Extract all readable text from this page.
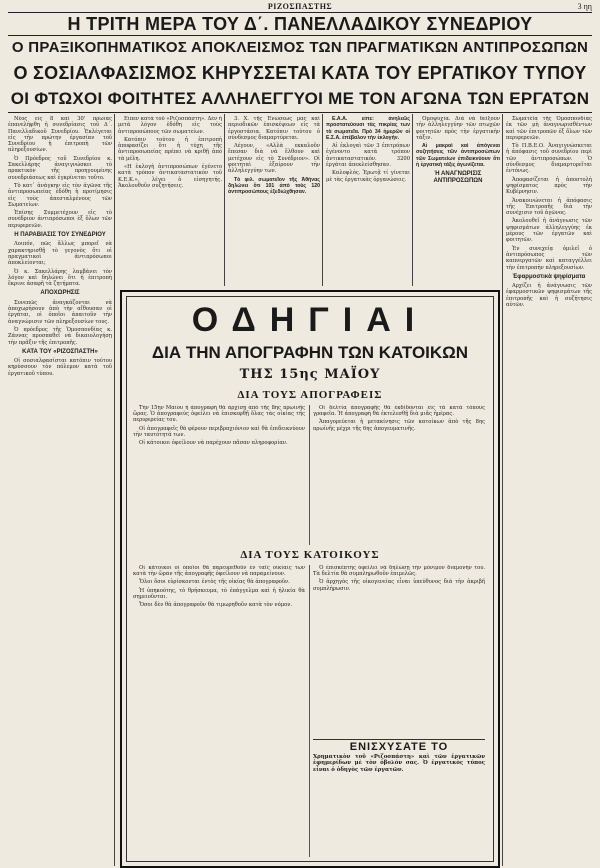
ΡΙΖΟΣΠΑΣΤΗΣ	3 ηη
Η ΤΡΙΤΗ ΜΕΡΑ ΤΟΥ Δ΄. ΠΑΝΕΛΛΑΔΙΚΟΥ ΣΥΝΕΔΡΙΟΥ
Ο ΠΡΑΞΙΚΟΠΗΜΑΤΙΚΟΣ ΑΠΟΚΛΕΙΣΜΟΣ ΤΩΝ ΠΡΑΓΜΑΤΙΚΩΝ ΑΝΤΙΠΡΟΣΩΠΩΝ
Ο ΣΟΣΙΑΛΦΑΣΙΣΜΟΣ ΚΗΡΥΣΣΕΤΑΙ ΚΑΤΑ ΤΟΥ ΕΡΓΑΤΙΚΟΥ ΤΥΠΟΥ
ΟΙ ΦΤΩΧΟΙ ΦΟΙΤΗΤΕΣ ΑΛΛΗΛΕΓΓΥΟΙ ΜΕ ΤΟΝ ΑΓΩΝΑ ΤΩΝ ΕΡΓΑΤΩΝ

Νέος εἰς 8 καὶ 30' πρωῒας ἐπανελήφθη ἡ συνεδρίασις τοῦ Δ΄. Πανελλαδικοῦ Συνεδρίου. Ἐκλέγεται εἰς τὴν πρώτην ἐργασίαν τοῦ Συνεδρίου ἡ ἐπιτροπὴ τῶν πληρεξουσίων.

Ὁ Πρόεδρος τοῦ Συνεδρίου κ. Σακελλάρης ἀναγιγνώσκει τὸ πρακτικὸν τῆς προηγουμένης συνεδριάσεως καὶ ἐγκρίνεται τοῦτο.

Τὸ κατ᾽ ἀνάγκην εἰς τὸν ἀγῶνα τῆς ἀντιπροσωπείας ἐδόθη ἡ προτίμησις εἰς τοὺς ἀπεσταλμένους τῶν Σωματείων.

Ἐπίσης Συμμετέχουν εἰς τὸ συνέδριον ἀντιπρόσωποι ἐξ ὅλων τῶν περιφερειῶν.

Η ΠΑΡΑΒΙΑΣΙΣ ΤΟΥ ΣΥΝΕΔΡΙΟΥ

Λοιπόν, πῶς ἄλλως μπορεῖ νὰ χαρακτηρισθῇ τὸ γεγονὸς ὅτι οἱ πραγματικοὶ ἀντιπρόσωποι ἀποκλείονται;

Ὁ κ. Σακελλάρης λαμβάνει τὸν λόγον καὶ δηλώνει ὅτι ἡ ἐπιτροπὴ ἔκρινε ἀσαφῆ τὰ ζητήματα.

ΑΠΟΧΩΡΗΣΙΣ

Συνεπῶς ἀναγκάζονται νὰ ἀποχωρήσουν ἀπὸ τὴν αἴθουσαν οἱ ἐργάται, οἱ ὁποῖοι ἀπαιτοῦν τὴν ἀναγνώρισιν τῶν πληρεξουσίων τους.

Ὁ πρόεδρος τῆς Ὁμοσπονδίας κ. Ζάννας προσπαθεῖ νὰ δικαιολογήσῃ τὴν πρᾶξιν τῆς ἐπιτροπῆς.

ΚΑΤΑ ΤΟΥ «ΡΙΖΟΣΠΑΣΤΗ»

Οἱ σοσιαλφασίσται κατόπιν τούτου κηρύσσουν τὸν πόλεμον κατὰ τοῦ ἐργατικοῦ τύπου.

Εἶπεν κατὰ τοῦ «Ριζοσπάστη». Δὲν ἡ μετὰ λόγον ἐδόθη εἰς τοὺς ἀντιπροσώπους τῶν σωματείων.

Κατόπιν τούτου ἡ ἐπιτροπὴ ἀποφασίζει ὅτι ἡ τύχη τῆς ἀντιπροσωπείας πρέπει νὰ κριθῇ ἀπὸ τὰ μέλη.

«Η ἐκλογὴ ἀντιπροσώπων ἐγένετο κατὰ τρόπον ἀντικαταστατικόν τοῦ Κ.Ε.Κ.», λέγει ὁ εἰσηγητής. Ἀκολουθοῦν συζητήσεις.

3. Χ. τῆς Ἑνώσεως μας καὶ περιοδικῶν ἐπισκέψεων εἰς τὰ ἐργοστάσια. Κατόπιν τούτου ὁ σύνδεσμος διαμαρτύρεται.

Λέγουν, «Αλλὰ εκκαλοῦν ἔπεσαν διὰ νὰ ἔλθουν καὶ μετέχουν εἰς τὸ Συνέδριον». Οἱ φοιτηταὶ ἐξαίρουν τὴν ἀλληλεγγύην των.

Τὸ φιλ. σωματεῖον τῆς Ἀθήνας δηλώνει ὅτι 101 ἀπὸ τοὺς 120 ἀντιπροσώπους ἐξεδιώχθησαν.

Ε.Α.Α. εἶπε: ἀνηλεῶς προστατεύουσι τὰς πικρίας των τὰ σωματεῖα. Πρὸ 34 ἡμερῶν οἱ Ε.Σ.Α. ἐπέβαλον τὴν ἐκλογήν.

Αἱ ἐκλογαὶ τῶν 3 ἐπιτρόπων ἐγένοντο κατὰ τρόπον ἀντικαταστατικόν. 3200 ἐργάται ἀπεκλείσθησαν.

Καλοφλός. Ἐρωτᾷ τί γίνεται μὲ τὰς ἐργατικὰς ὀργανώσεις.

Ὁμοψυχία. Διὰ νὰ δείξουν τὴν ἀλληλεγγύην τῶν πτωχῶν φοιτητῶν πρὸς τὴν ἐργατικὴν τάξιν.

Αἱ μακραὶ καὶ ἀπόγεναι συζητήσεις τῶν ἀντιπροσώπων τῶν Σωματείων ἐπιδεικνύουν ὅτι ἡ ἐργατικὴ τάξις ἀγωνίζεται.

Ἡ ΑΝΑΓΝΩΡΙΣΙΣ ΑΝΤΙΠΡΟΣΩΠΩΝ

Σωματεῖα τῆς Ὁμοσπονδίας ἐκ τῶν μὴ ἀναγνωρισθέντων καὶ τῶν ἐπιτροπῶν ἐξ ὅλων τῶν περιφερειῶν.

Τὸ Π.Β.Ε.Ο. Ἀναγιγνώσκεται ἡ ἀπόφασις τοῦ συνεδρίου περὶ τῶν ἀντιπροσώπων. Ὁ σύνδεσμος διαμαρτυρεῖται ἐντόνως.

Ἀποφασίζεται ἡ ἀποστολὴ ψηφίσματος πρὸς τὴν Κυβέρνησιν.

Ἀνακοινώνεται ἡ ἀπόφασις τῆς Ἐπιτροπῆς διὰ τὴν συνέχισιν τοῦ ἀγῶνος.

Ἀκολουθεῖ ἡ ἀνάγνωσις τῶν ψηφισμάτων ἀλληλεγγύης ἐκ μέρους τῶν ἐργατῶν καὶ φοιτητῶν.

Ἐν συνεχείᾳ ὁμιλεῖ ὁ ἀντιπρόσωπος τῶν καπνεργατῶν καὶ καταγγέλλει τὴν ἐπιτροπὴν πληρεξουσίων.

Ἐφαρμοστικὰ ψηφίσματα

Αρχίζει ἡ ἀνάγνωσις τῶν ἐφαρμοστικῶν ψηφισμάτων τῆς ἐπιτροπῆς καὶ ἡ συζήτησις αὐτῶν.

ΟΔΗΓΙΑΙ
ΔΙΑ ΤΗΝ ΑΠΟΓΡΑΦΗΝ ΤΩΝ ΚΑΤΟΙΚΩΝ
ΤΗΣ 15ης ΜΑΪΟΥ
ΔΙΑ ΤΟΥΣ ΑΠΟΓΡΑΦΕΙΣ

Τὴν 15ην Μαΐου ἡ ἀπογραφὴ θὰ ἀρχίσῃ ἀπὸ τῆς 8ης πρωϊνῆς ὥρας. Ὁ ἀπογραφεὺς ὀφείλει νὰ ἐπισκεφθῇ ὅλας τὰς οἰκίας τῆς περιφερείας του.

Οἱ ἀπογραφεῖς θὰ φέρουν περιβραχιόνιον καὶ θὰ ἐπιδεικνύουν τὴν ταυτότητά των.

Οἱ κάτοικοι ὀφείλουν νὰ παρέχουν πᾶσαν πληροφορίαν.

Οἱ δελτία ἀπογραφῆς θὰ ἐκδίδονται εἰς τὰ κατὰ τόπους γραφεῖα. Ἡ ἀπογραφὴ θὰ ἐκτελεσθῇ διὰ μιᾶς ἡμέρας.

Ἀπαγορεύεται ἡ μετακίνησις τῶν κατοίκων ἀπὸ τῆς 8ης πρωϊνῆς μέχρι τῆς 6ης ἀπογευματινῆς.

ΔΙΑ ΤΟΥΣ ΚΑΤΟΙΚΟΥΣ

Οἱ κάτοικοι οἱ ὁποῖοι θὰ παρευρεθοῦν ἐν ταῖς οἰκίαις των κατὰ τὴν ὥραν τῆς ἀπογραφῆς ὀφείλουν νὰ παραμείνουν.

Ὅλοι ὅσοι εὑρίσκονται ἐντὸς τῆς οἰκίας θὰ ἀπογραφοῦν.

Ἡ ὑπηκοότης, τὸ θρήσκευμα, τὸ ἐπάγγελμα καὶ ἡ ἡλικία θὰ σημειοῦνται.

Ὅσοι δὲν θὰ ἀπογραφοῦν θὰ τιμωρηθοῦν κατὰ τὸν νόμον.

Ὁ ἐπισκέπτης ὀφείλει νὰ δηλώσῃ τὴν μόνιμον διαμονήν του. Τὰ δελτία θὰ συμπληρωθοῦν ἐπιμελῶς.

Ὁ ἀρχηγὸς τῆς οἰκογενείας εἶναι ὑπεύθυνος διὰ τὴν ἀκριβῆ συμπλήρωσιν.

ΕΝΙΣΧΥΣΑΤΕ ΤΟ
Χρηματικὸν τοῦ «Ριζοσπάστη» καὶ τῶν ἐργατικῶν ἐφημερίδων μὲ τὸν ὀβολόν σας. Ὁ ἐργατικὸς τύπος εἶναι ὁ ὀδηγὸς τῶν ἐργατῶν.
